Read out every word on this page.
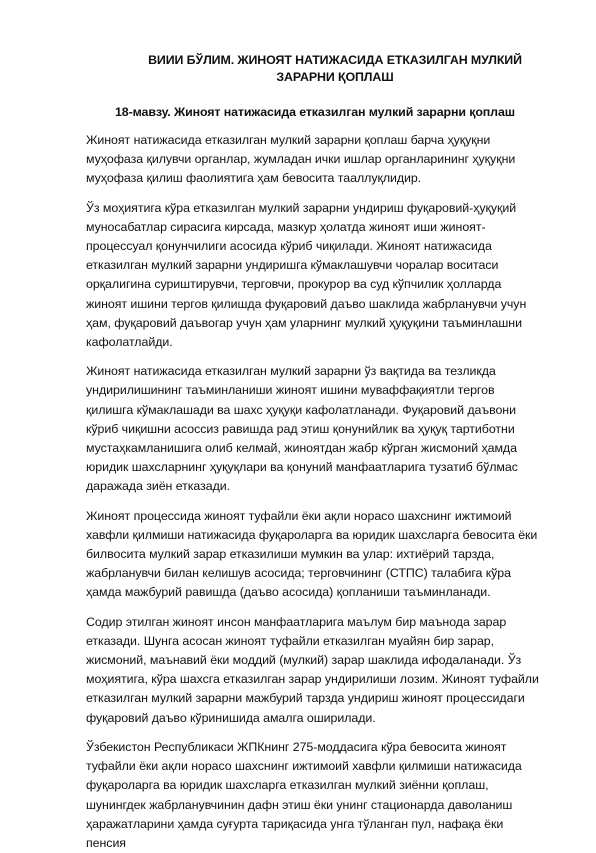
ВИИИ БЎЛИМ. ЖИНОЯТ НАТИЖАСИДА ЕТКАЗИЛГАН МУЛКИЙ ЗАРАРНИ ҚОПЛАШ
18-мавзу. Жиноят натижасида етказилган мулкий зарарни қоплаш

Жиноят натижасида етказилган мулкий зарарни қоплаш барча ҳуқуқни муҳофаза қилувчи органлар, жумладан ички ишлар органларининг ҳуқуқни муҳофаза қилиш фаолиятига ҳам бевосита тааллуқлидир.

Ўз моҳиятига кўра етказилган мулкий зарарни ундириш фуқаровий-ҳуқуқий муносабатлар сирасига кирсада, мазкур ҳолатда жиноят иши жиноят-процессуал қонунчилиги асосида кўриб чиқилади. Жиноят натижасида етказилган мулкий зарарни ундиришга кўмаклашувчи чоралар воситаси орқалигина суриштирувчи, терговчи, прокурор ва суд кўпчилик ҳолларда жиноят ишини тергов қилишда фуқаровий даъво шаклида жабрланувчи учун ҳам, фуқаровий даъвогар учун ҳам уларнинг мулкий ҳуқуқини таъминлашни кафолатлайди.

Жиноят натижасида етказилган мулкий зарарни ўз вақтида ва тезликда ундирилишининг таъминланиши жиноят ишини муваффақиятли тергов қилишга кўмаклашади ва шахс ҳуқуқи кафолатланади. Фуқаровий даъвони кўриб чиқишни асоссиз равишда рад этиш қонунийлик ва ҳуқуқ тартиботни мустаҳкамланишига олиб келмай, жиноятдан жабр кўрган жисмоний ҳамда юридик шахсларнинг ҳуқуқлари ва қонуний манфаатларига тузатиб бўлмас даражада зиён етказади.

Жиноят процессида жиноят туфайли ёки ақли норасо шахснинг ижтимоий хавфли қилмиши натижасида фуқароларга ва юридик шахсларга бевосита ёки билвосита мулкий зарар етказилиши мумкин ва улар: ихтиёрий тарзда, жабрланувчи билан келишув асосида; терговчининг (СТПС) талабига кўра ҳамда мажбурий равишда (даъво асосида) қопланиши таъминланади.

Содир этилган жиноят инсон манфаатларига маълум бир маънода зарар етказади. Шунга асосан жиноят туфайли етказилган муайян бир зарар, жисмоний, маънавий ёки моддий (мулкий) зарар шаклида ифодаланади. Ўз моҳиятига, кўра шахсга етказилган зарар ундирилиши лозим. Жиноят туфайли етказилган мулкий зарарни мажбурий тарзда ундириш жиноят процессидаги фуқаровий даъво кўринишида амалга оширилади.

Ўзбекистон Республикаси ЖПКнинг 275-моддасига кўра бевосита жиноят туфайли ёки ақли норасо шахснинг ижтимоий хавфли қилмиши натижасида фуқароларга ва юридик шахсларга етказилган мулкий зиённи қоплаш, шунингдек жабрланувчинин дафн этиш ёки унинг стационарда даволаниш ҳаражатларини ҳамда суғурта тариқасида унга тўланган пул, нафақа ёки пенсия
